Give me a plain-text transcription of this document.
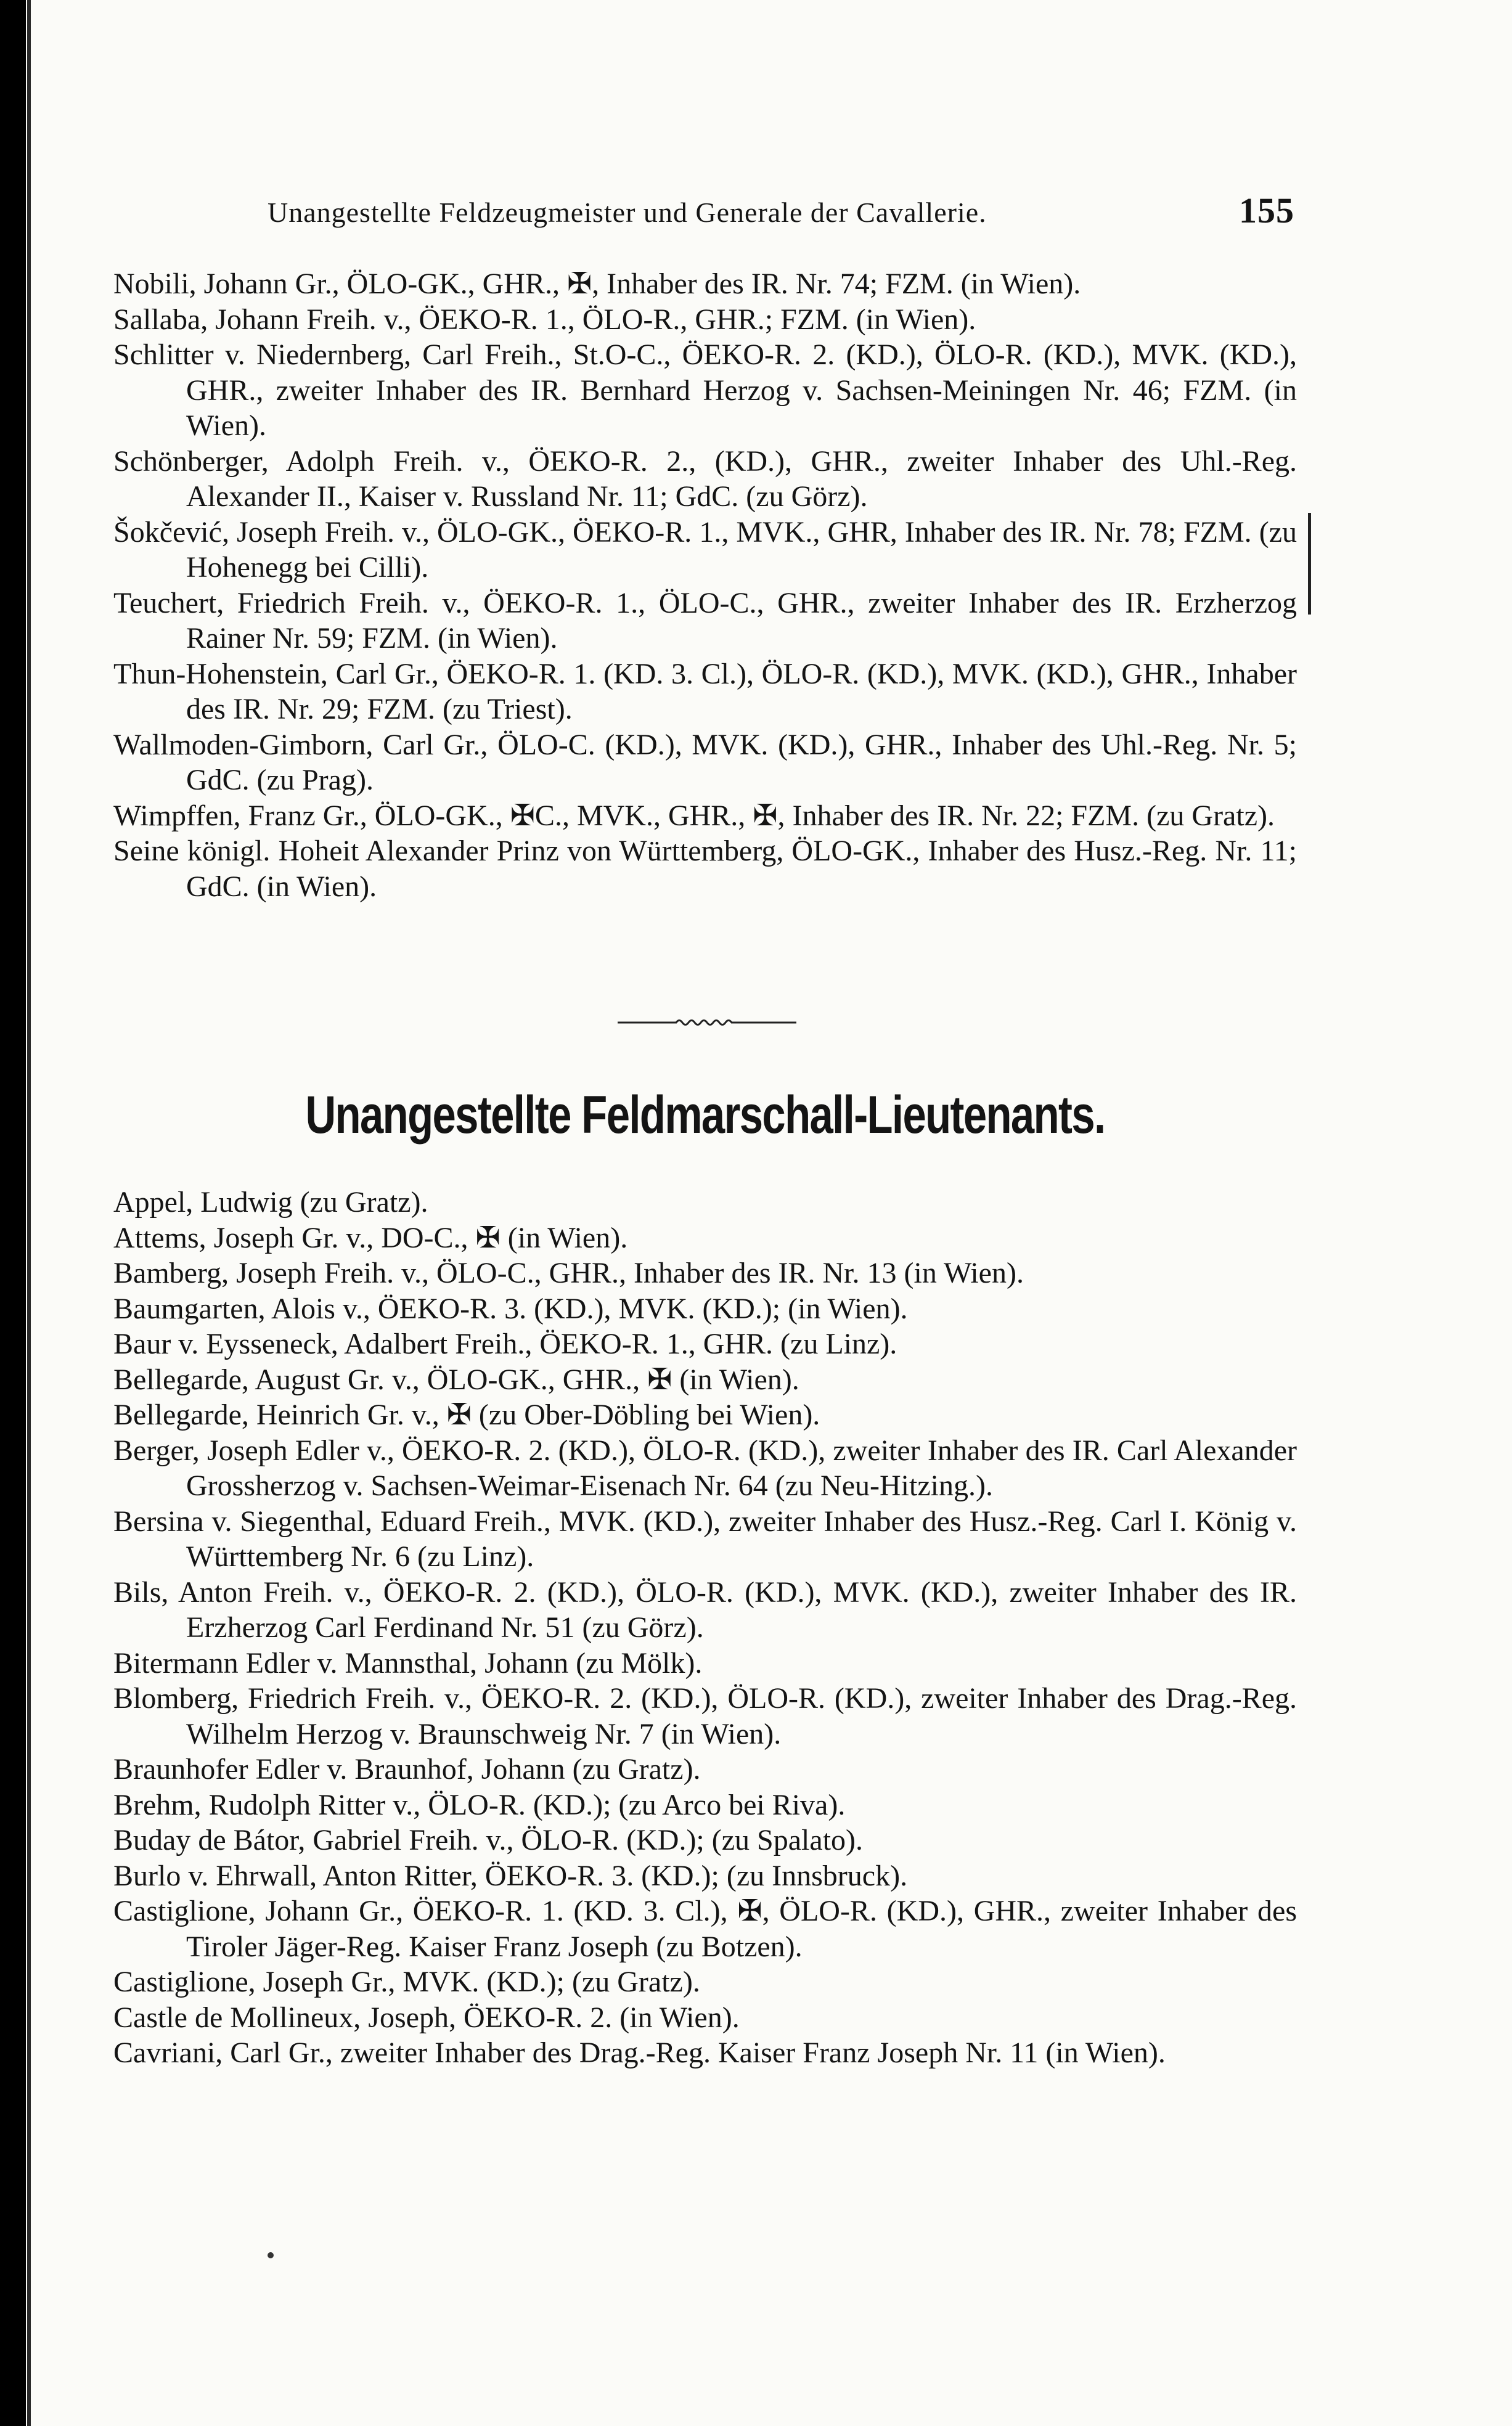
Unangestellte Feldzeugmeister und Generale der Cavallerie.	155
Nobili, Johann Gr., ÖLO-GK., GHR., ✠, Inhaber des IR. Nr. 74; FZM. (in Wien).
Sallaba, Johann Freih. v., ÖEKO-R. 1., ÖLO-R., GHR.; FZM. (in Wien).
Schlitter v. Niedernberg, Carl Freih., St.O-C., ÖEKO-R. 2. (KD.), ÖLO-R. (KD.), MVK. (KD.), GHR., zweiter Inhaber des IR. Bernhard Herzog v. Sachsen-Meiningen Nr. 46; FZM. (in Wien).
Schönberger, Adolph Freih. v., ÖEKO-R. 2., (KD.), GHR., zweiter Inhaber des Uhl.-Reg. Alexander II., Kaiser v. Russland Nr. 11; GdC. (zu Görz).
Šokčević, Joseph Freih. v., ÖLO-GK., ÖEKO-R. 1., MVK., GHR, Inhaber des IR. Nr. 78; FZM. (zu Hohenegg bei Cilli).
Teuchert, Friedrich Freih. v., ÖEKO-R. 1., ÖLO-C., GHR., zweiter Inhaber des IR. Erzherzog Rainer Nr. 59; FZM. (in Wien).
Thun-Hohenstein, Carl Gr., ÖEKO-R. 1. (KD. 3. Cl.), ÖLO-R. (KD.), MVK. (KD.), GHR., Inhaber des IR. Nr. 29; FZM. (zu Triest).
Wallmoden-Gimborn, Carl Gr., ÖLO-C. (KD.), MVK. (KD.), GHR., Inhaber des Uhl.-Reg. Nr. 5; GdC. (zu Prag).
Wimpffen, Franz Gr., ÖLO-GK., ✠C., MVK., GHR., ✠, Inhaber des IR. Nr. 22; FZM. (zu Gratz).
Seine königl. Hoheit Alexander Prinz von Württemberg, ÖLO-GK., Inhaber des Husz.-Reg. Nr. 11; GdC. (in Wien).
Unangestellte Feldmarschall-Lieutenants.
Appel, Ludwig (zu Gratz).
Attems, Joseph Gr. v., DO-C., ✠ (in Wien).
Bamberg, Joseph Freih. v., ÖLO-C., GHR., Inhaber des IR. Nr. 13 (in Wien).
Baumgarten, Alois v., ÖEKO-R. 3. (KD.), MVK. (KD.); (in Wien).
Baur v. Eysseneck, Adalbert Freih., ÖEKO-R. 1., GHR. (zu Linz).
Bellegarde, August Gr. v., ÖLO-GK., GHR., ✠ (in Wien).
Bellegarde, Heinrich Gr. v., ✠ (zu Ober-Döbling bei Wien).
Berger, Joseph Edler v., ÖEKO-R. 2. (KD.), ÖLO-R. (KD.), zweiter Inhaber des IR. Carl Alexander Grossherzog v. Sachsen-Weimar-Eisenach Nr. 64 (zu Neu-Hitzing.).
Bersina v. Siegenthal, Eduard Freih., MVK. (KD.), zweiter Inhaber des Husz.-Reg. Carl I. König v. Württemberg Nr. 6 (zu Linz).
Bils, Anton Freih. v., ÖEKO-R. 2. (KD.), ÖLO-R. (KD.), MVK. (KD.), zweiter Inhaber des IR. Erzherzog Carl Ferdinand Nr. 51 (zu Görz).
Bitermann Edler v. Mannsthal, Johann (zu Mölk).
Blomberg, Friedrich Freih. v., ÖEKO-R. 2. (KD.), ÖLO-R. (KD.), zweiter Inhaber des Drag.-Reg. Wilhelm Herzog v. Braunschweig Nr. 7 (in Wien).
Braunhofer Edler v. Braunhof, Johann (zu Gratz).
Brehm, Rudolph Ritter v., ÖLO-R. (KD.); (zu Arco bei Riva).
Buday de Bátor, Gabriel Freih. v., ÖLO-R. (KD.); (zu Spalato).
Burlo v. Ehrwall, Anton Ritter, ÖEKO-R. 3. (KD.); (zu Innsbruck).
Castiglione, Johann Gr., ÖEKO-R. 1. (KD. 3. Cl.), ✠, ÖLO-R. (KD.), GHR., zweiter Inhaber des Tiroler Jäger-Reg. Kaiser Franz Joseph (zu Botzen).
Castiglione, Joseph Gr., MVK. (KD.); (zu Gratz).
Castle de Mollineux, Joseph, ÖEKO-R. 2. (in Wien).
Cavriani, Carl Gr., zweiter Inhaber des Drag.-Reg. Kaiser Franz Joseph Nr. 11 (in Wien).
